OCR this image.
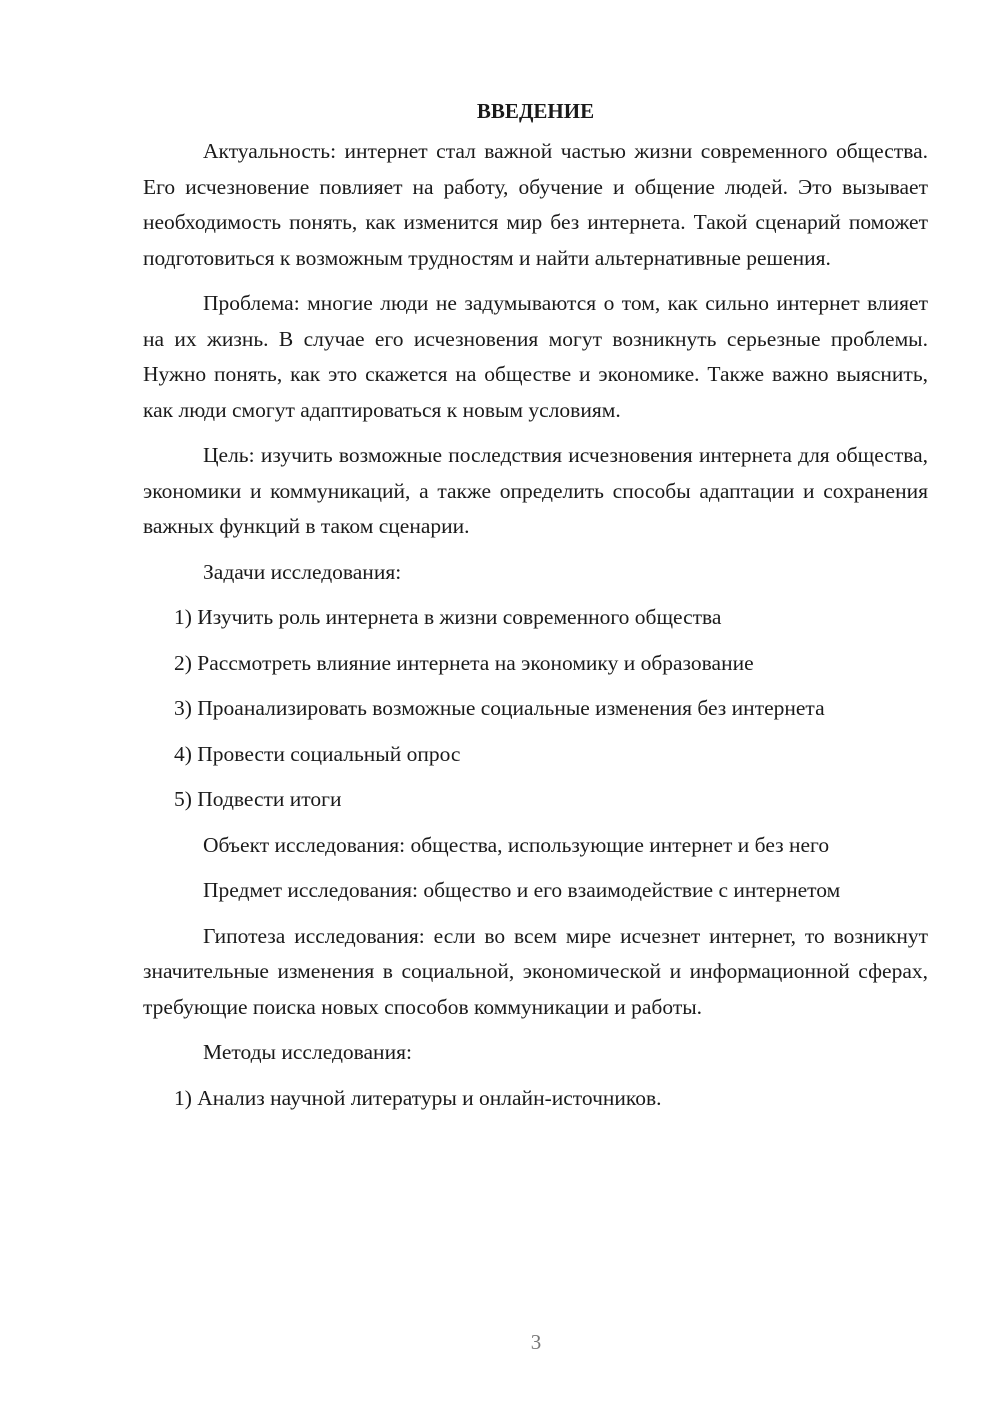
ВВЕДЕНИЕ

Актуальность: интернет стал важной частью жизни современного общества. Его исчезновение повлияет на работу, обучение и общение людей. Это вызывает необходимость понять, как изменится мир без интернета. Такой сценарий поможет подготовиться к возможным трудностям и найти альтернативные решения.

Проблема: многие люди не задумываются о том, как сильно интернет влияет на их жизнь. В случае его исчезновения могут возникнуть серьезные проблемы. Нужно понять, как это скажется на обществе и экономике. Также важно выяснить, как люди смогут адаптироваться к новым условиям.

Цель: изучить возможные последствия исчезновения интернета для общества, экономики и коммуникаций, а также определить способы адаптации и сохранения важных функций в таком сценарии.

Задачи исследования:

1) Изучить роль интернета в жизни современного общества

2) Рассмотреть влияние интернета на экономику и образование

3) Проанализировать возможные социальные изменения без интернета

4) Провести социальный опрос

5) Подвести итоги

Объект исследования: общества, использующие интернет и без него

Предмет исследования: общество и его взаимодействие с интернетом

Гипотеза исследования: если во всем мире исчезнет интернет, то возникнут значительные изменения в социальной, экономической и информационной сферах, требующие поиска новых способов коммуникации и работы.

Методы исследования:

1) Анализ научной литературы и онлайн-источников.

3
